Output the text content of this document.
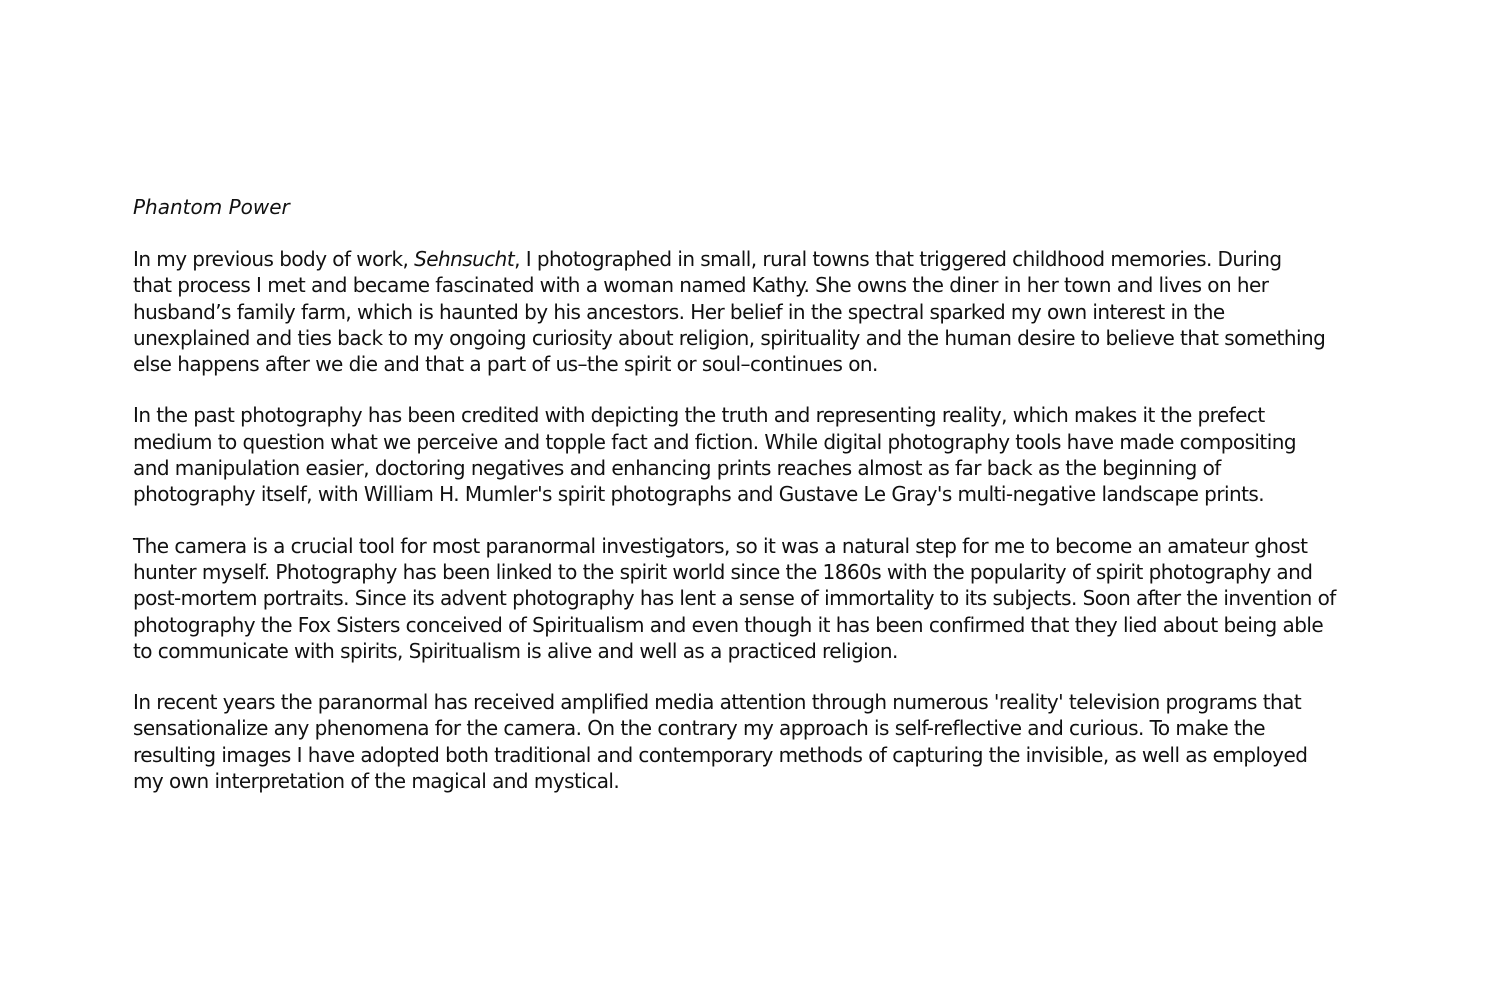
Phantom Power
In my previous body of work, Sehnsucht, I photographed in small, rural towns that triggered childhood memories. During
that process I met and became fascinated with a woman named Kathy. She owns the diner in her town and lives on her
husband’s family farm, which is haunted by his ancestors. Her belief in the spectral sparked my own interest in the
unexplained and ties back to my ongoing curiosity about religion, spirituality and the human desire to believe that something
else happens after we die and that a part of us–the spirit or soul–continues on.
In the past photography has been credited with depicting the truth and representing reality, which makes it the prefect
medium to question what we perceive and topple fact and fiction. While digital photography tools have made compositing
and manipulation easier, doctoring negatives and enhancing prints reaches almost as far back as the beginning of
photography itself, with William H. Mumler's spirit photographs and Gustave Le Gray's multi-negative landscape prints.
The camera is a crucial tool for most paranormal investigators, so it was a natural step for me to become an amateur ghost
hunter myself. Photography has been linked to the spirit world since the 1860s with the popularity of spirit photography and
post-mortem portraits. Since its advent photography has lent a sense of immortality to its subjects. Soon after the invention of
photography the Fox Sisters conceived of Spiritualism and even though it has been confirmed that they lied about being able
to communicate with spirits, Spiritualism is alive and well as a practiced religion.
In recent years the paranormal has received amplified media attention through numerous 'reality' television programs that
sensationalize any phenomena for the camera. On the contrary my approach is self-reflective and curious. To make the
resulting images I have adopted both traditional and contemporary methods of capturing the invisible, as well as employed
my own interpretation of the magical and mystical.
